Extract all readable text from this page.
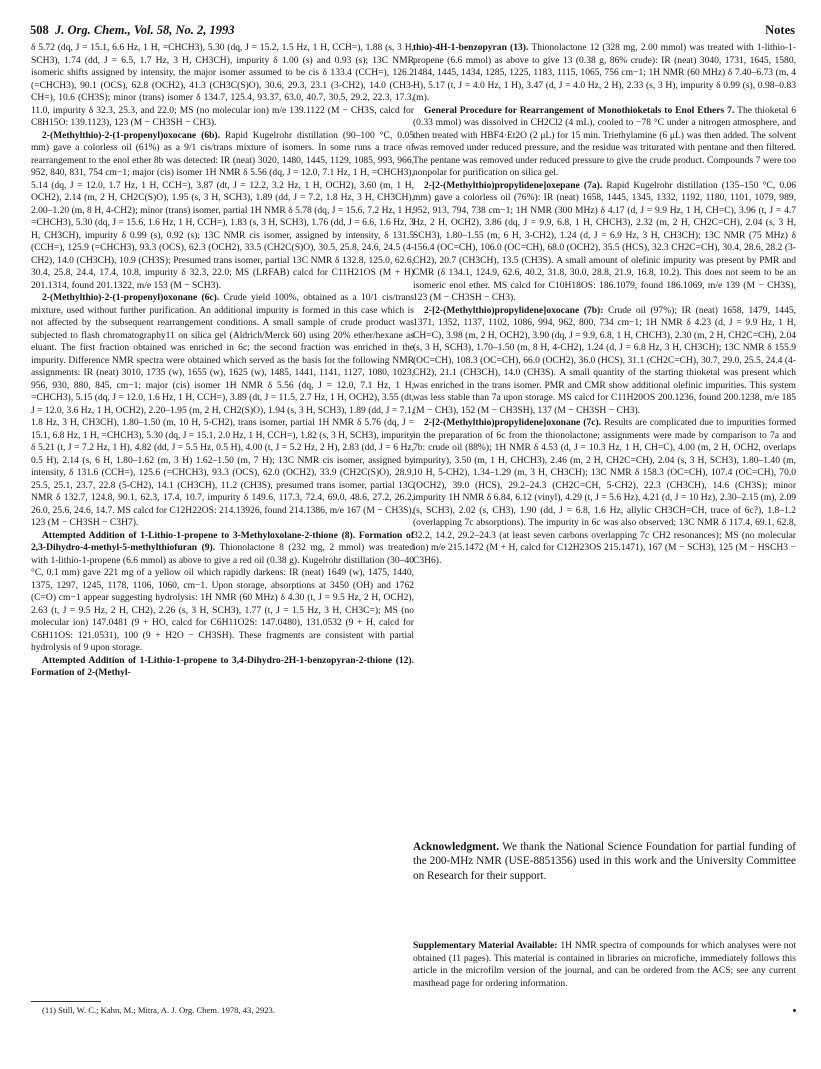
508 J. Org. Chem., Vol. 58, No. 2, 1993	Notes

δ 5.72 (dq, J = 15.1, 6.6 Hz, 1 H, =CHCH3), 5.30 (dq, J = 15.2, 1.5 Hz, 1 H, CCH=), 1.88 (s, 3 H, SCH3), 1.74 (dd, J = 6.5, 1.7 Hz, 3 H, CH3CH), impurity δ 1.00 (s) and 0.93 (s); 13C NMR isomeric shifts assigned by intensity, the major isomer assumed to be cis δ 133.4 (CCH=), 126.2 (=CHCH3), 90.1 (OCS), 62.8 (OCH2), 41.3 (CH3C(S)O), 30.6, 29.3, 23.1 (3-CH2), 14.0 (CH3-CH=), 10.6 (CH3S); minor (trans) isomer δ 134.7, 125.4, 93.37, 63.0, 40.7, 30.5, 29.2, 22.3, 17.3, 11.0, impurity δ 32.3, 25.3, and 22.0; MS (no molecular ion) m/e 139.1122 (M − CH3S, calcd for C8H15O: 139.1123), 123 (M − CH3SH − CH3).

2-(Methylthio)-2-(1-propenyl)oxocane (6b). Rapid Kugelrohr distillation (90–100 °C, 0.05 mm) gave a colorless oil (61%) as a 9/1 cis/trans mixture of isomers. In some runs a trace of rearrangement to the enol ether 8b was detected: IR (neat) 3020, 1480, 1445, 1129, 1085, 993, 966, 952, 840, 831, 754 cm−1; major (cis) isomer 1H NMR δ 5.56 (dq, J = 12.0, 7.1 Hz, 1 H, =CHCH3), 5.14 (dq, J = 12.0, 1.7 Hz, 1 H, CCH=), 3.87 (dt, J = 12.2, 3.2 Hz, 1 H, OCH2), 3.60 (m, 1 H, OCH2), 2.14 (m, 2 H, CH2C(S)O), 1.95 (s, 3 H, SCH3), 1.89 (dd, J = 7.2, 1.8 Hz, 3 H, CH3CH), 2.00–1.20 (m, 8 H, 4-CH2); minor (trans) isomer, partial 1H NMR δ 5.78 (dq, J = 15.6, 7.2 Hz, 1 H, =CHCH3), 5.30 (dq, J = 15.6, 1.6 Hz, 1 H, CCH=), 1.83 (s, 3 H, SCH3), 1.76 (dd, J = 6.6, 1.6 Hz, 3 H, CH3CH), impurity δ 0.99 (s), 0.92 (s); 13C NMR cis isomer, assigned by intensity, δ 131.5 (CCH=), 125.9 (=CHCH3), 93.3 (OCS), 62.3 (OCH2), 33.5 (CH2C(S)O), 30.5, 25.8, 24.6, 24.5 (4-CH2), 14.0 (CH3CH), 10.9 (CH3S); Presumed trans isomer, partial 13C NMR δ 132.8, 125.0, 62.6, 30.4, 25.8, 24.4, 17.4, 10.8, impurity δ 32.3, 22.0; MS (LRFAB) calcd for C11H21OS (M + H) 201.1314, found 201.1322, m/e 153 (M − SCH3).

2-(Methylthio)-2-(1-propenyl)oxonane (6c). Crude yield 100%, obtained as a 10/1 cis/trans mixture, used without further purification. An additional impurity is formed in this case which is not affected by the subsequent rearrangement conditions. A small sample of crude product was subjected to flash chromatography11 on silica gel (Aldrich/Merck 60) using 20% ether/hexane as eluant. The first fraction obtained was enriched in 6c; the second fraction was enriched in the impurity. Difference NMR spectra were obtained which served as the basis for the following NMR assignments: IR (neat) 3010, 1735 (w), 1655 (w), 1625 (w), 1485, 1441, 1141, 1127, 1080, 1023, 956, 930, 880, 845, cm−1; major (cis) isomer 1H NMR δ 5.56 (dq, J = 12.0, 7.1 Hz, 1 H, =CHCH3), 5.15 (dq, J = 12.0, 1.6 Hz, 1 H, CCH=), 3.89 (dt, J = 11.5, 2.7 Hz, 1 H, OCH2), 3.55 (dt, J = 12.0, 3.6 Hz, 1 H, OCH2), 2.20–1.95 (m, 2 H, CH2(S)O), 1.94 (s, 3 H, SCH3), 1.89 (dd, J = 7.1, 1.8 Hz, 3 H, CH3CH), 1.80–1.50 (m, 10 H, 5-CH2), trans isomer, partial 1H NMR δ 5.76 (dq, J = 15.1, 6.8 Hz, 1 H, =CHCH3), 5.30 (dq, J = 15.1, 2.0 Hz, 1 H, CCH=), 1.82 (s, 3 H, SCH3), impurity δ 5.21 (t, J = 7.2 Hz, 1 H), 4.82 (dd, J = 5.5 Hz, 0.5 H), 4.00 (t, J = 5.2 Hz, 2 H), 2.83 (dd, J = 6 Hz, 0.5 H), 2.14 (s, 6 H, 1.80–1.62 (m, 3 H) 1.62–1.50 (m, 7 H); 13C NMR cis isomer, assigned by intensity, δ 131.6 (CCH=), 125.6 (=CHCH3), 93.3 (OCS), 62.0 (OCH2), 33.9 (CH2C(S)O), 28.9, 25.5, 25.1, 23.7, 22.8 (5-CH2), 14.1 (CH3CH), 11.2 (CH3S), presumed trans isomer, partial 13C NMR δ 132.7, 124.8, 90.1, 62.3, 17.4, 10.7, impurity δ 149.6, 117.3, 72.4, 69.0, 48.6, 27.2, 26.2, 26.0, 25.6, 24.6, 14.7. MS calcd for C12H22OS: 214.13926, found 214.1386, m/e 167 (M − CH3S), 123 (M − CH3SH − C3H7).

Attempted Addition of 1-Lithio-1-propene to 3-Methyloxolane-2-thione (8). Formation of 2,3-Dihydro-4-methyl-5-methylthiofuran (9). Thionolactone 8 (232 mg, 2 mmol) was treated with 1-lithio-1-propene (6.6 mmol) as above to give a red oil (0.38 g). Kugelrohr distillation (30–40 °C, 0.1 mm) gave 221 mg of a yellow oil which rapidly darkens: IR (neat) 1649 (w), 1475, 1440, 1375, 1297, 1245, 1178, 1106, 1060, cm−1. Upon storage, absorptions at 3450 (OH) and 1762 (C=O) cm−1 appear suggesting hydrolysis: 1H NMR (60 MHz) δ 4.30 (t, J = 9.5 Hz, 2 H, OCH2), 2.63 (t, J = 9.5 Hz, 2 H, CH2), 2.26 (s, 3 H, SCH3), 1.77 (t, J = 1.5 Hz, 3 H, CH3C=); MS (no molecular ion) 147.0481 (9 + HO, calcd for C6H11O2S: 147.0480), 131.0532 (9 + H, calcd for C6H11OS: 121.0531), 100 (9 + H2O − CH3SH). These fragments are consistent with partial hydrolysis of 9 upon storage.

Attempted Addition of 1-Lithio-1-propene to 3,4-Dihydro-2H-1-benzopyran-2-thione (12). Formation of 2-(Methyl-

(11) Still, W. C.; Kahn, M.; Mitra, A. J. Org. Chem. 1978, 43, 2923.

thio)-4H-1-benzopyran (13). Thionolactone 12 (328 mg, 2.00 mmol) was treated with 1-lithio-1-propene (6.6 mmol) as above to give 13 (0.38 g, 86% crude): IR (neat) 3040, 1731, 1645, 1580, 1484, 1445, 1434, 1285, 1225, 1183, 1115, 1065, 756 cm−1; 1H NMR (60 MHz) δ 7.40–6.73 (m, 4 H), 5.17 (t, J = 4.0 Hz, 1 H), 3.47 (d, J = 4.0 Hz, 2 H), 2.33 (s, 3 H), impurity δ 0.99 (s), 0.98–0.83 (m).

General Procedure for Rearrangement of Monothioketals to Enol Ethers 7. The thioketal 6 (0.33 mmol) was dissolved in CH2Cl2 (4 mL), cooled to −78 °C under a nitrogen atmosphere, and then treated with HBF4·Et2O (2 μL) for 15 min. Triethylamine (6 μL) was then added. The solvent was removed under reduced pressure, and the residue was triturated with pentane and then filtered. The pentane was removed under reduced pressure to give the crude product. Compounds 7 were too nonpolar for purification on silica gel.

2-[2-(Methylthio)propylidene]oxepane (7a). Rapid Kugelrohr distillation (135–150 °C, 0.06 mm) gave a colorless oil (76%): IR (neat) 1658, 1445, 1345, 1332, 1192, 1180, 1101, 1079, 989, 952, 913, 794, 738 cm−1; 1H NMR (300 MHz) δ 4.17 (d, J = 9.9 Hz, 1 H, CH=C), 3.96 (t, J = 4.7 Hz, 2 H, OCH2), 3.86 (dq, J = 9.9, 6.8, 1 H, CHCH3), 2.32 (m, 2 H, CH2C=CH), 2.04 (s, 3 H, SCH3), 1.80–1.55 (m, 6 H, 3-CH2), 1.24 (d, J = 6.9 Hz, 3 H, CH3CH); 13C NMR (75 MHz) δ 156.4 (OC=CH), 106.0 (OC=CH), 68.0 (OCH2), 35.5 (HCS), 32.3 CH2C=CH), 30.4, 28.6, 28.2 (3-CH2), 20.7 (CH3CH), 13.5 (CH3S). A small amount of olefinic impurity was present by PMR and CMR (δ 134.1, 124.9, 62.6, 40.2, 31.8, 30.0, 28.8, 21.9, 16.8, 10.2). This does not seem to be an isomeric enol ether. MS calcd for C10H18OS: 186.1079, found 186.1069, m/e 139 (M − CH3S), 123 (M − CH3SH − CH3).

2-[2-(Methylthio)propylidene]oxocane (7b): Crude oil (97%); IR (neat) 1658, 1479, 1445, 1371, 1352, 1137, 1102, 1086, 994, 962, 800, 734 cm−1; 1H NMR δ 4.23 (d, J = 9.9 Hz, 1 H, CH=C), 3.98 (m, 2 H, OCH2), 3.90 (dq, J = 9.9, 6.8, 1 H, CHCH3), 2.30 (m, 2 H, CH2C=CH), 2.04 (s, 3 H, SCH3), 1.70–1.50 (m, 8 H, 4-CH2), 1.24 (d, J = 6.8 Hz, 3 H, CH3CH); 13C NMR δ 155.9 (OC=CH), 108.3 (OC=CH), 66.0 (OCH2), 36.0 (HCS), 31.1 (CH2C=CH), 30.7, 29.0, 25.5, 24.4 (4-CH2), 21.1 (CH3CH), 14.0 (CH3S). A small quantity of the starting thioketal was present which was enriched in the trans isomer. PMR and CMR show additional olefinic impurities. This system was less stable than 7a upon storage. MS calcd for C11H20OS 200.1236, found 200.1238, m/e 185 (M − CH3), 152 (M − CH3SH), 137 (M − CH3SH − CH3).

2-[2-(Methylthio)propylidene]oxonane (7c). Results are complicated due to impurities formed in the preparation of 6c from the thionolactone; assignments were made by comparison to 7a and 7b: crude oil (88%); 1H NMR δ 4.53 (d, J = 10.3 Hz, 1 H, CH=C), 4.00 (m, 2 H, OCH2, overlaps impurity), 3.50 (m, 1 H, CHCH3), 2.46 (m, 2 H, CH2C=CH), 2.04 (s, 3 H, SCH3), 1.80–1.40 (m, 10 H, 5-CH2), 1.34–1.29 (m, 3 H, CH3CH); 13C NMR δ 158.3 (OC=CH), 107.4 (OC=CH), 70.0 (OCH2), 39.0 (HCS), 29.2–24.3 (CH2C=CH, 5-CH2), 22.3 (CH3CH), 14.6 (CH3S); minor impurity 1H NMR δ 6.84, 6.12 (vinyl), 4.29 (t, J = 5.6 Hz), 4.21 (d, J = 10 Hz), 2.30–2.15 (m), 2.09 (s, SCH3), 2.02 (s, CH3), 1.90 (dd, J = 6.8, 1.6 Hz, allylic CH3CH=CH, trace of 6c?), 1.8–1.2 (overlapping 7c absorptions). The impurity in 6c was also observed; 13C NMR δ 117.4, 69.1, 62.8, 32.2, 14.2, 29.2–24.3 (at least seven carbons overlapping 7c CH2 resonances); MS (no molecular ion) m/e 215.1472 (M + H, calcd for C12H23OS 215.1471), 167 (M − SCH3), 125 (M − HSCH3 − C3H6).

Acknowledgment. We thank the National Science Foundation for partial funding of the 200-MHz NMR (USE-8851356) used in this work and the University Committee on Research for their support.
Supplementary Material Available: 1H NMR spectra of compounds for which analyses were not obtained (11 pages). This material is contained in libraries on microfiche, immediately follows this article in the microfilm version of the journal, and can be ordered from the ACS; see any current masthead page for ordering information.
